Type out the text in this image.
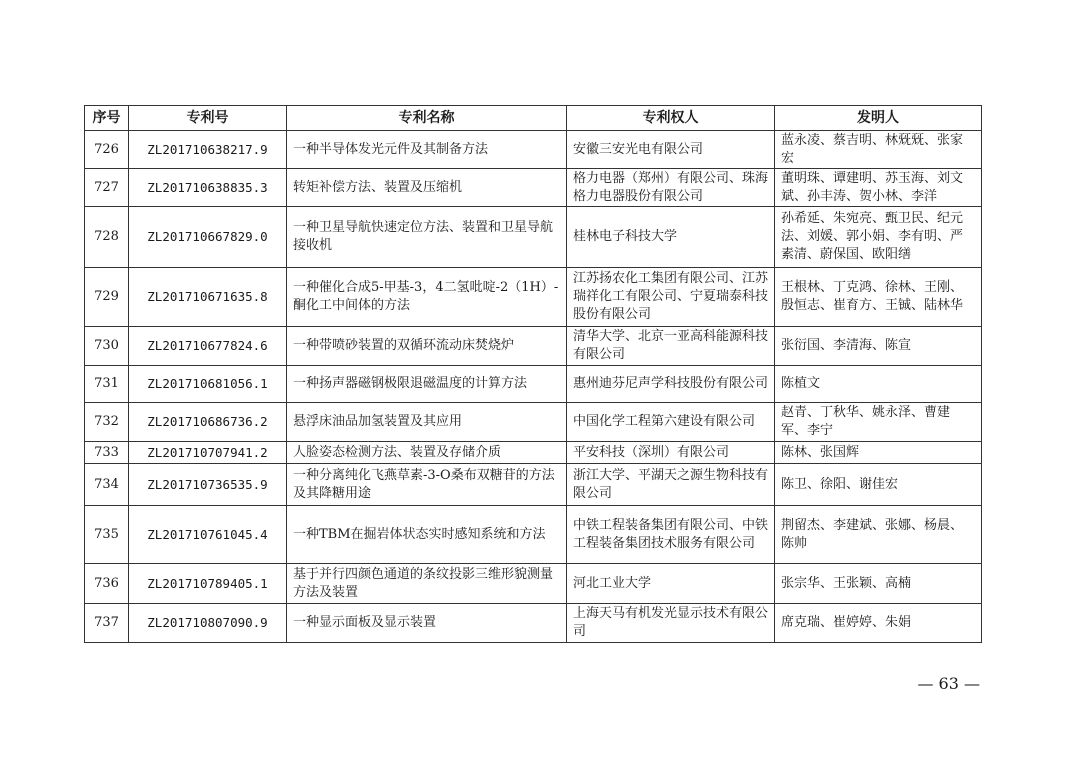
序号	专利号	专利名称	专利权人	发明人
726	ZL201710638217.9	一种半导体发光元件及其制备方法	安徽三安光电有限公司	蓝永凌、蔡吉明、林兓兓、张家宏
727	ZL201710638835.3	转矩补偿方法、装置及压缩机	格力电器（郑州）有限公司、珠海格力电器股份有限公司	董明珠、谭建明、苏玉海、刘文斌、孙丰涛、贺小林、李洋
728	ZL201710667829.0	一种卫星导航快速定位方法、装置和卫星导航接收机	桂林电子科技大学	孙希延、朱宛亮、甄卫民、纪元法、刘媛、郭小娟、李有明、严素清、蔚保国、欧阳缮
729	ZL201710671635.8	一种催化合成5-甲基-3，4二氢吡啶-2（1H）-酮化工中间体的方法	江苏扬农化工集团有限公司、江苏瑞祥化工有限公司、宁夏瑞泰科技股份有限公司	王根林、丁克鸿、徐林、王刚、殷恒志、崔育方、王铖、陆林华
730	ZL201710677824.6	一种带喷砂装置的双循环流动床焚烧炉	清华大学、北京一亚高科能源科技有限公司	张衍国、李清海、陈宣
731	ZL201710681056.1	一种扬声器磁钢极限退磁温度的计算方法	惠州迪芬尼声学科技股份有限公司	陈植文
732	ZL201710686736.2	悬浮床油品加氢装置及其应用	中国化学工程第六建设有限公司	赵青、丁秋华、姚永泽、曹建军、李宁
733	ZL201710707941.2	人脸姿态检测方法、装置及存储介质	平安科技（深圳）有限公司	陈林、张国辉
734	ZL201710736535.9	一种分离纯化飞燕草素-3-O桑布双糖苷的方法及其降糖用途	浙江大学、平湖天之源生物科技有限公司	陈卫、徐阳、谢佳宏
735	ZL201710761045.4	一种TBM在掘岩体状态实时感知系统和方法	中铁工程装备集团有限公司、中铁工程装备集团技术服务有限公司	荆留杰、李建斌、张娜、杨晨、陈帅
736	ZL201710789405.1	基于并行四颜色通道的条纹投影三维形貌测量方法及装置	河北工业大学	张宗华、王张颖、高楠
737	ZL201710807090.9	一种显示面板及显示装置	上海天马有机发光显示技术有限公司	席克瑞、崔婷婷、朱娟
— 63 —
